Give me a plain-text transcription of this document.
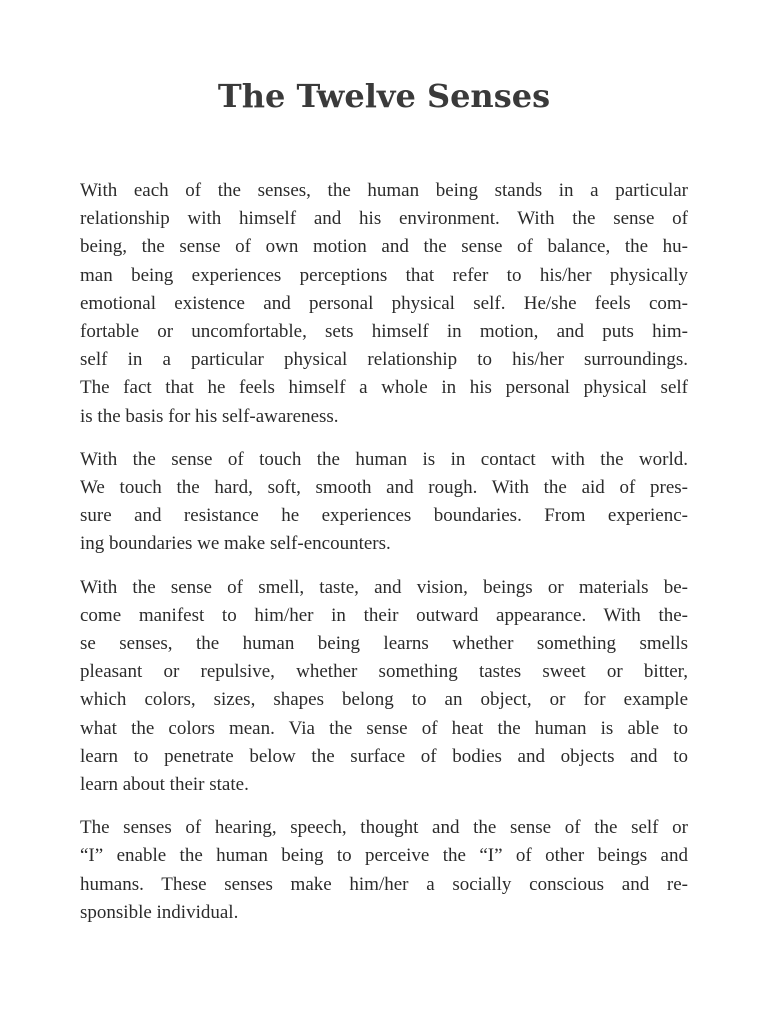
The Twelve Senses

With each of the senses, the human being stands in a particular
relationship with himself and his environment. With the sense of
being, the sense of own motion and the sense of balance, the hu-
man being experiences perceptions that refer to his/her physically
emotional existence and personal physical self. He/she feels com-
fortable or uncomfortable, sets himself in motion, and puts him-
self in a particular physical relationship to his/her surroundings.
The fact that he feels himself a whole in his personal physical self
is the basis for his self-awareness.

With the sense of touch the human is in contact with the world.
We touch the hard, soft, smooth and rough. With the aid of pres-
sure and resistance he experiences boundaries. From experienc-
ing boundaries we make self-encounters.

With the sense of smell, taste, and vision, beings or materials be-
come manifest to him/her in their outward appearance. With the-
se senses, the human being learns whether something smells
pleasant or repulsive, whether something tastes sweet or bitter,
which colors, sizes, shapes belong to an object, or for example
what the colors mean. Via the sense of heat the human is able to
learn to penetrate below the surface of bodies and objects and to
learn about their state.

The senses of hearing, speech, thought and the sense of the self or
“I” enable the human being to perceive the “I” of other beings and
humans. These senses make him/her a socially conscious and re-
sponsible individual.
